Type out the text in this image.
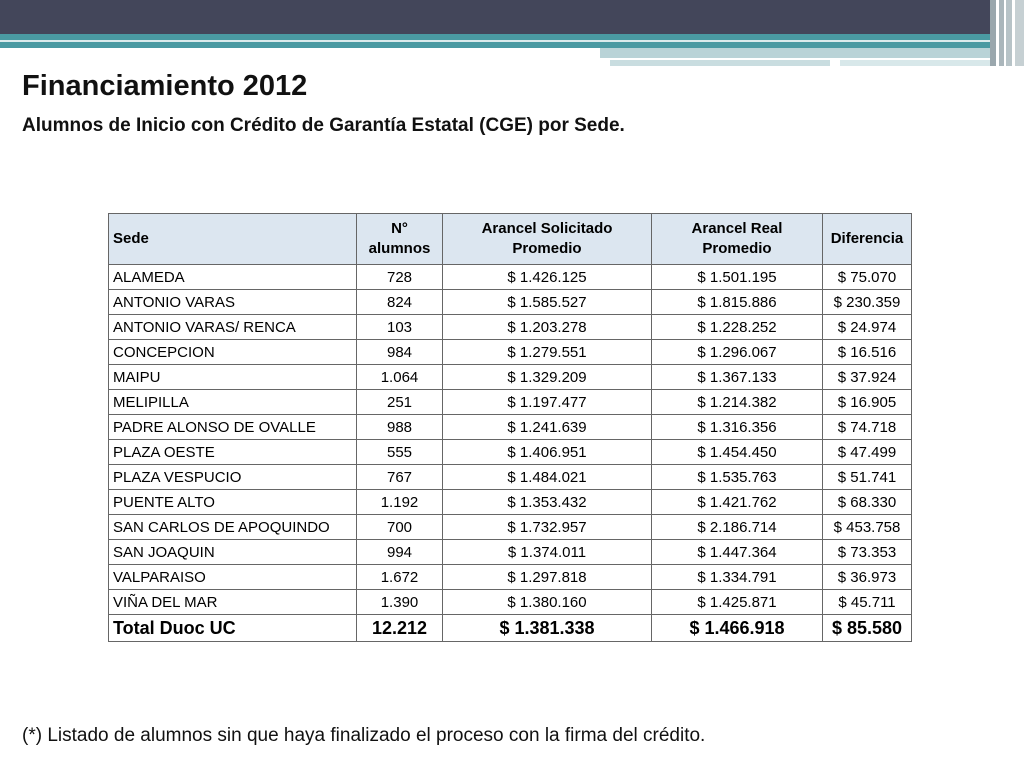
Financiamiento 2012
Alumnos de Inicio con Crédito de Garantía Estatal (CGE) por Sede.
Sede	N° alumnos	Arancel Solicitado Promedio	Arancel Real Promedio	Diferencia
ALAMEDA	728	$ 1.426.125	$ 1.501.195	$ 75.070
ANTONIO VARAS	824	$ 1.585.527	$ 1.815.886	$ 230.359
ANTONIO VARAS/ RENCA	103	$ 1.203.278	$ 1.228.252	$ 24.974
CONCEPCION	984	$ 1.279.551	$ 1.296.067	$ 16.516
MAIPU	1.064	$ 1.329.209	$ 1.367.133	$ 37.924
MELIPILLA	251	$ 1.197.477	$ 1.214.382	$ 16.905
PADRE ALONSO DE OVALLE	988	$ 1.241.639	$ 1.316.356	$ 74.718
PLAZA OESTE	555	$ 1.406.951	$ 1.454.450	$ 47.499
PLAZA VESPUCIO	767	$ 1.484.021	$ 1.535.763	$ 51.741
PUENTE ALTO	1.192	$ 1.353.432	$ 1.421.762	$ 68.330
SAN CARLOS DE APOQUINDO	700	$ 1.732.957	$ 2.186.714	$ 453.758
SAN JOAQUIN	994	$ 1.374.011	$ 1.447.364	$ 73.353
VALPARAISO	1.672	$ 1.297.818	$ 1.334.791	$ 36.973
VIÑA DEL MAR	1.390	$ 1.380.160	$ 1.425.871	$ 45.711
Total Duoc UC	12.212	$ 1.381.338	$ 1.466.918	$ 85.580
(*) Listado de alumnos sin que haya finalizado el proceso con la firma del crédito.
